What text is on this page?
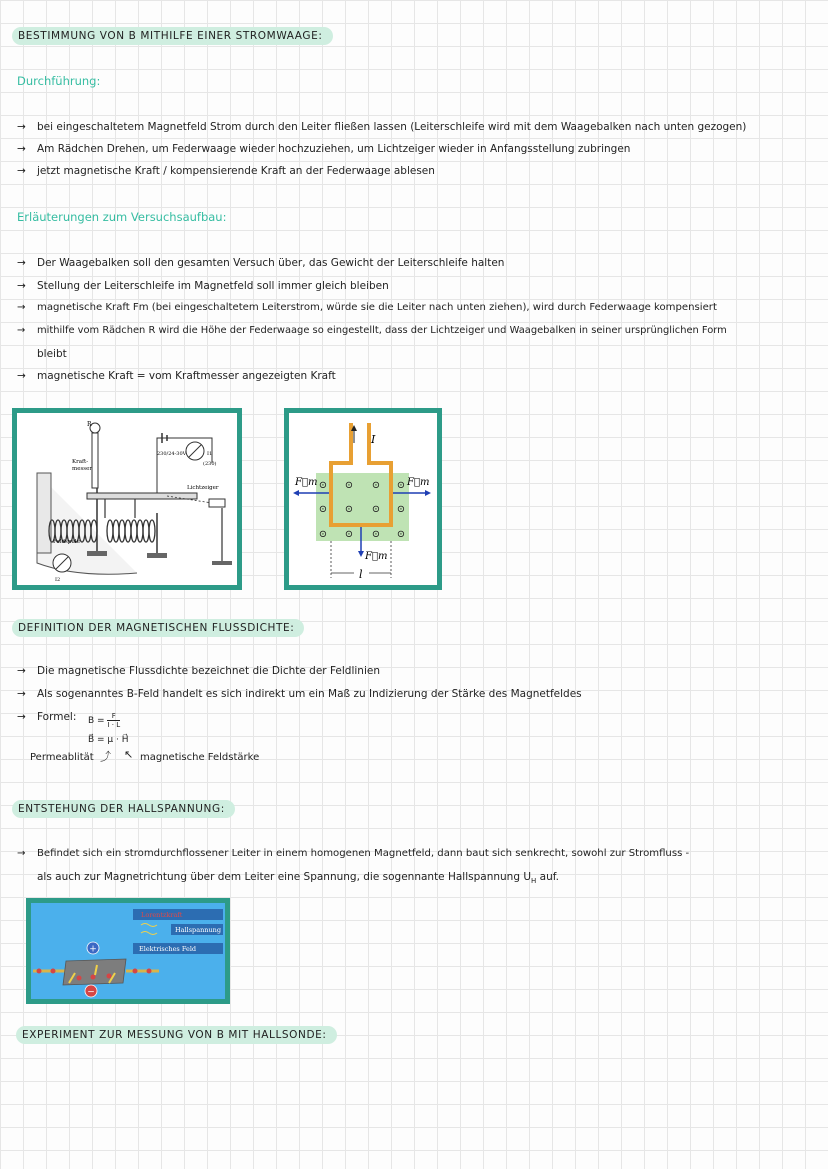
BESTIMMUNG VON B MITHILFE EINER STROMWAAGE:
Durchführung:
→ bei eingeschaltetem Magnetfeld Strom durch den Leiter fließen lassen (Leiterschleife wird mit dem Waagebalken nach unten gezogen)
→ Am Rädchen Drehen, um Federwaage wieder hochzuziehen, um Lichtzeiger wieder in Anfangsstellung zubringen
→ jetzt magnetische Kraft / kompensierende Kraft an der Federwaage ablesen
Erläuterungen zum Versuchsaufbau:
→ Der Waagebalken soll den gesamten Versuch über, das Gewicht der Leiterschleife halten
→ Stellung der Leiterschleife im Magnetfeld soll immer gleich bleiben
→ magnetische Kraft Fm (bei eingeschaltetem Leiterstrom, würde sie die Leiter nach unten ziehen), wird durch Federwaage kompensiert
→ mithilfe vom Rädchen R wird die Höhe der Federwaage so eingestellt, dass der Lichtzeiger und Waagebalken in seiner ursprünglichen Form
bleibt
→ magnetische Kraft = vom Kraftmesser angezeigten Kraft
R
Kraft-
messer
230/24-30V	I1
(230)
Lichtzeiger
Feldspule
I2
⊙ ⊙ ⊙ ⊙
⊙ ⊙ ⊙ ⊙
⊙ ⊙ ⊙ ⊙
I
F⃗m	F⃗m
F⃗m
l
DEFINITION DER MAGNETISCHEN FLUSSDICHTE:
→ Die magnetische Flussdichte bezeichnet die Dichte der Feldlinien
→ Als sogenanntes B-Feld handelt es sich indirekt um ein Maß zu Indizierung der Stärke des Magnetfeldes
→ Formel: $B = \frac{F}{I \cdot L}$
B⃗ = μ · H⃗
Permeablität ⤴ ↖ magnetische Feldstärke
ENTSTEHUNG DER HALLSPANNUNG:
→ Befindet sich ein stromdurchflossener Leiter in einem homogenen Magnetfeld, dann baut sich senkrecht, sowohl zur Stromfluss -
als auch zur Magnetrichtung über dem Leiter eine Spannung, die sogennante Hallspannung $U_H$ auf.
Lorentzkraft
Hallspannung
Elektrisches Feld
+
−
EXPERIMENT ZUR MESSUNG VON B MIT HALLSONDE:
